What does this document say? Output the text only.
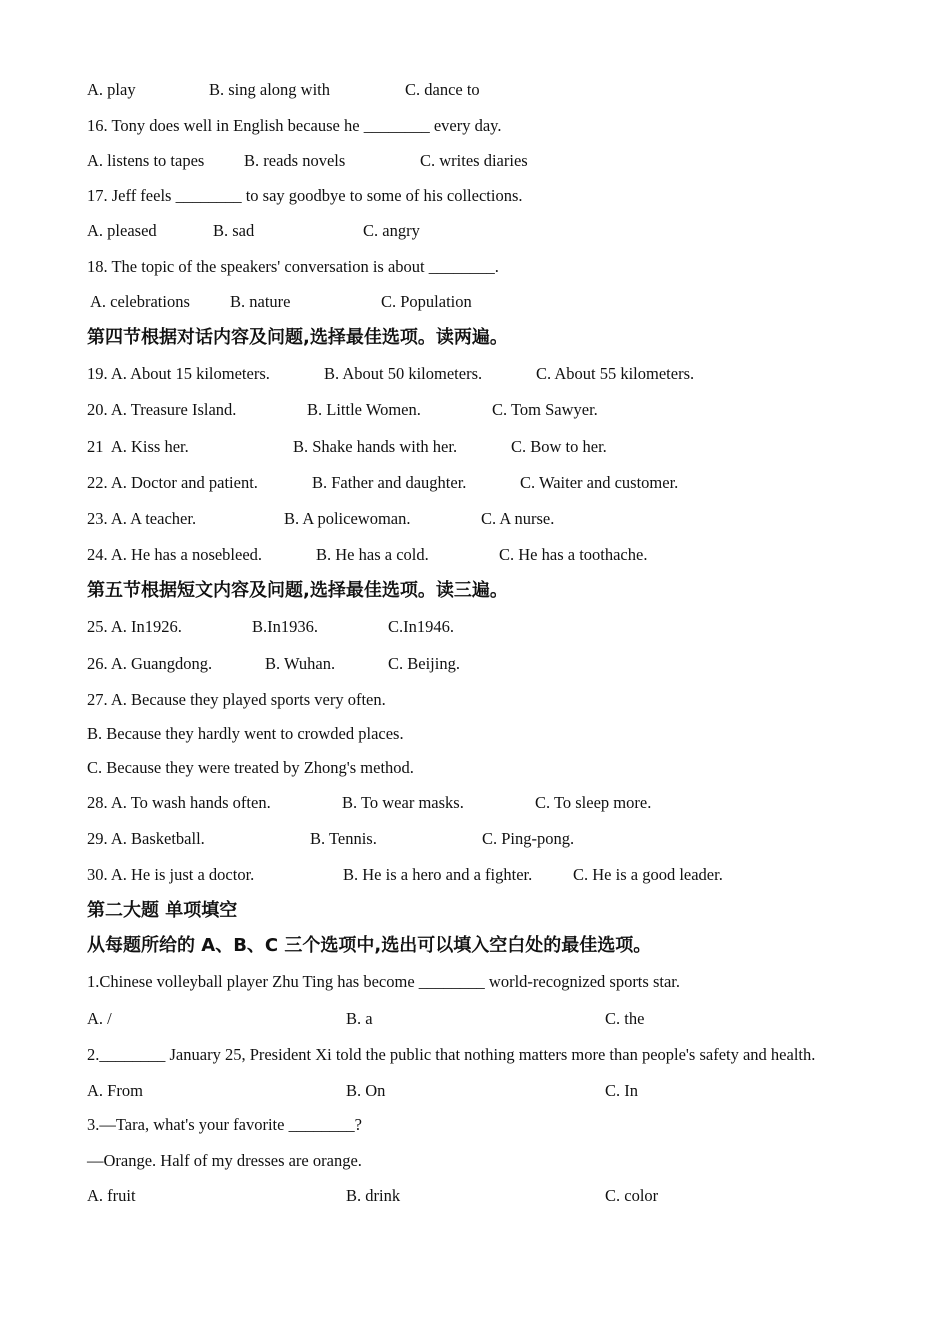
A. play	B. sing along with	C. dance to
16. Tony does well in English because he ________ every day.
A. listens to tapes B. reads novels	C. writes diaries
17. Jeff feels ________ to say goodbye to some of his collections.
A. pleased	B. sad	C. angry
18. The topic of the speakers' conversation is about ________.
A. celebrations B. nature	C. Population
第四节根据对话内容及问题,选择最佳选项。读两遍。
19. A. About 15 kilometers.	B. About 50 kilometers.	C. About 55 kilometers.
20. A. Treasure Island.	B. Little Women.	C. Tom Sawyer.
21  A. Kiss her.	B. Shake hands with her.	C. Bow to her.
22. A. Doctor and patient.	B. Father and daughter.	C. Waiter and customer.
23. A. A teacher.	B. A policewoman.	C. A nurse.
24. A. He has a nosebleed.	B. He has a cold.	C. He has a toothache.
第五节根据短文内容及问题,选择最佳选项。读三遍。
25. A. In1926.	B.In1936.	C.In1946.
26. A. Guangdong.	B. Wuhan.	C. Beijing.
27. A. Because they played sports very often.
B. Because they hardly went to crowded places.
C. Because they were treated by Zhong's method.
28. A. To wash hands often.	B. To wear masks.	C. To sleep more.
29. A. Basketball.	B. Tennis.	C. Ping-pong.
30. A. He is just a doctor.	B. He is a hero and a fighter. C. He is a good leader.
第二大题 单项填空
从每题所给的 A、B、C 三个选项中,选出可以填入空白处的最佳选项。
1.Chinese volleyball player Zhu Ting has become ________ world-recognized sports star.
A. /	B. a	C. the
2.________ January 25, President Xi told the public that nothing matters more than people's safety and health.
A. From	B. On	C. In
3.—Tara, what's your favorite ________?
—Orange. Half of my dresses are orange.
A. fruit	B. drink	C. color
